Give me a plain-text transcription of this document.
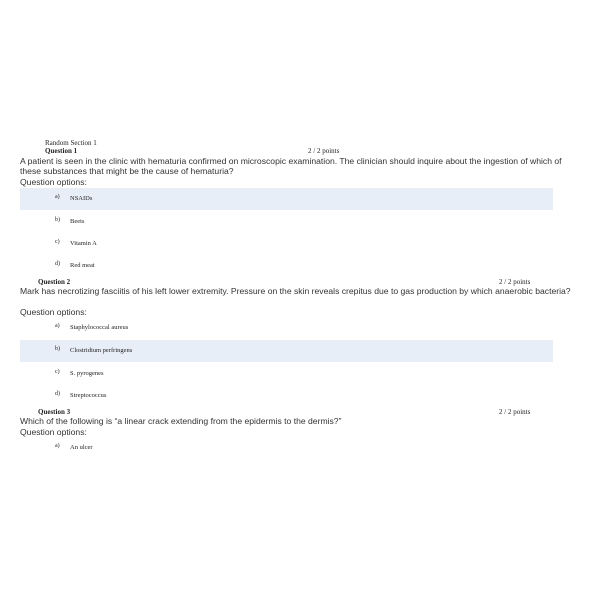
Random Section 1
Question 1	2 / 2 points
A patient is seen in the clinic with hematuria confirmed on microscopic examination. The clinician should inquire about the ingestion of which of these substances that might be the cause of hematuria?
Question options:
a) NSAIDs
b) Beets
c) Vitamin A
d) Red meat
Question 2	2 / 2 points
Mark has necrotizing fasciitis of his left lower extremity. Pressure on the skin reveals crepitus due to gas production by which anaerobic bacteria?
Question options:
a) Staphylococcal aureus
b) Clostridium perfringens
c) S. pyrogenes
d) Streptococcus
Question 3	2 / 2 points
Which of the following is “a linear crack extending from the epidermis to the dermis?”
Question options:
a) An ulcer
